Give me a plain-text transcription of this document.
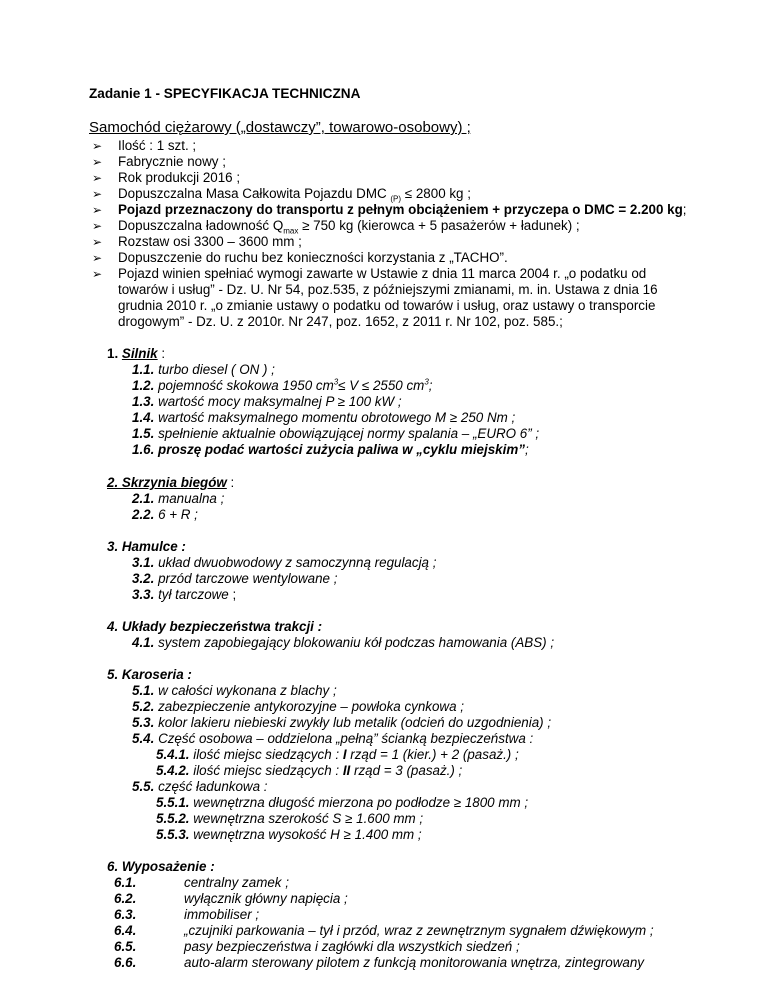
Zadanie 1 - SPECYFIKACJA TECHNICZNA
Samochód ciężarowy („dostawczy”, towarowo-osobowy) ;
➢ Ilość : 1 szt. ;
➢ Fabrycznie nowy ;
➢ Rok produkcji 2016 ;
➢ Dopuszczalna Masa Całkowita Pojazdu DMC $_{(P)}$ ≤ 2800 kg ;
➢ Pojazd przeznaczony do transportu z pełnym obciążeniem + przyczepa o DMC = 2.200 kg;
➢ Dopuszczalna ładowność $Q_{max} \ge 750$ kg (kierowca + 5 pasażerów + ładunek) ;
➢ Rozstaw osi 3300 – 3600 mm ;
➢ Dopuszczenie do ruchu bez konieczności korzystania z „TACHO”.
➢ Pojazd winien spełniać wymogi zawarte w Ustawie z dnia 11 marca 2004 r. „o podatku od
towarów i usług” - Dz. U. Nr 54, poz.535, z późniejszymi zmianami, m. in. Ustawa z dnia 16
grudnia 2010 r. „o zmianie ustawy o podatku od towarów i usług, oraz ustawy o transporcie
drogowym” - Dz. U. z 2010r. Nr 247, poz. 1652, z 2011 r. Nr 102, poz. 585.;
1. Silnik :
1.1. turbo diesel ( ON ) ;
1.2. pojemność skokowa 1950 $cm^3\le V \le 2550$ $cm^3$;
1.3. wartość mocy maksymalnej P ≥ 100 kW ;
1.4. wartość maksymalnego momentu obrotowego M ≥ 250 Nm ;
1.5. spełnienie aktualnie obowiązującej normy spalania – „EURO 6” ;
1.6. proszę podać wartości zużycia paliwa w „cyklu miejskim”;
2. Skrzynia biegów :
2.1. manualna ;
2.2. 6 + R ;
3. Hamulce :
3.1. układ dwuobwodowy z samoczynną regulacją ;
3.2. przód tarczowe wentylowane ;
3.3. tył tarczowe ;
4. Układy bezpieczeństwa trakcji :
4.1. system zapobiegający blokowaniu kół podczas hamowania (ABS) ;
5. Karoseria :
5.1. w całości wykonana z blachy ;
5.2. zabezpieczenie antykorozyjne – powłoka cynkowa ;
5.3. kolor lakieru niebieski zwykły lub metalik (odcień do uzgodnienia) ;
5.4. Część osobowa – oddzielona „pełną” ścianką bezpieczeństwa :
5.4.1. ilość miejsc siedzących : I rząd = 1 (kier.) + 2 (pasaż.) ;
5.4.2. ilość miejsc siedzących : II rząd = 3 (pasaż.) ;
5.5. część ładunkowa :
5.5.1. wewnętrzna długość mierzona po podłodze ≥ 1800 mm ;
5.5.2. wewnętrzna szerokość S ≥ 1.600 mm ;
5.5.3. wewnętrzna wysokość H ≥ 1.400 mm ;
6. Wyposażenie :
6.1.	centralny zamek ;
6.2.	wyłącznik główny napięcia ;
6.3.	immobiliser ;
6.4.	„czujniki parkowania – tył i przód, wraz z zewnętrznym sygnałem dźwiękowym ;
6.5.	pasy bezpieczeństwa i zagłówki dla wszystkich siedzeń ;
6.6.	auto-alarm sterowany pilotem z funkcją monitorowania wnętrza, zintegrowany
